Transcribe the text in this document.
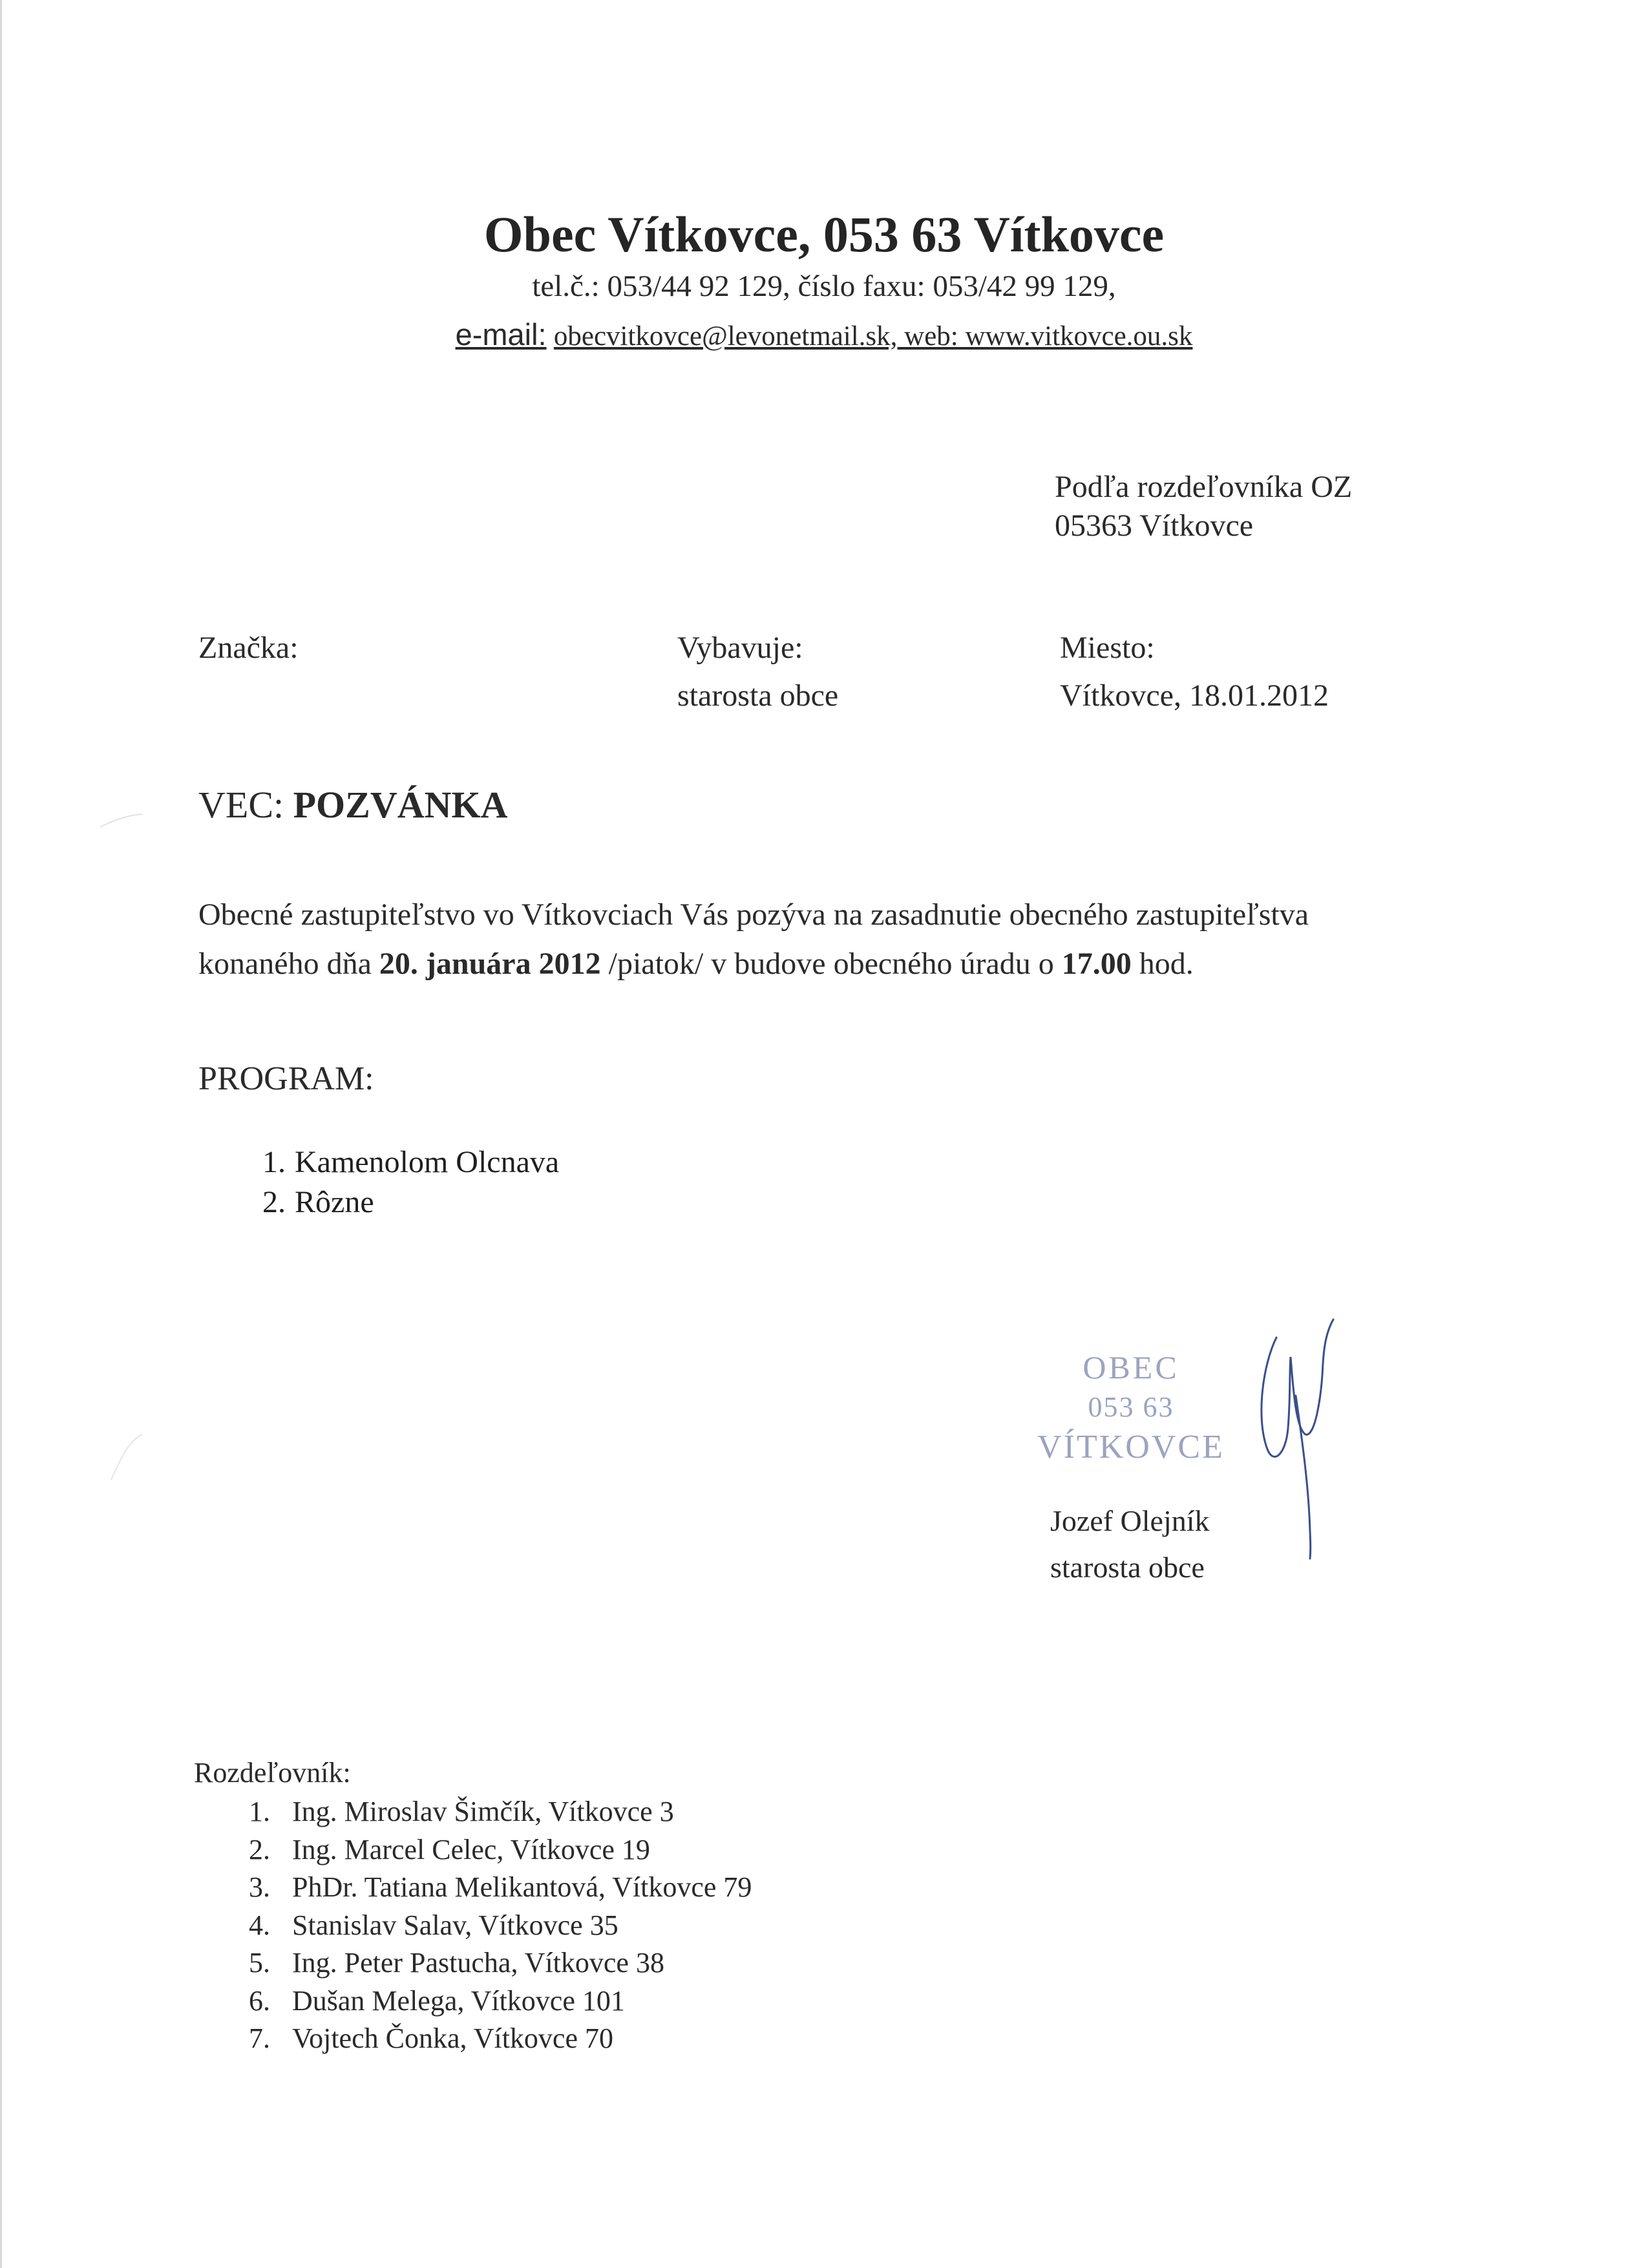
Obec Vítkovce, 053 63 Vítkovce
tel.č.: 053/44 92 129, číslo faxu: 053/42 99 129,
e-mail: obecvitkovce@levonetmail.sk, web: www.vitkovce.ou.sk
Podľa rozdeľovníka OZ
05363 Vítkovce
Značka:	Vybavuje:
starosta obce
Miesto:
Vítkovce, 18.01.2012
VEC: POZVÁNKA
Obecné zastupiteľstvo vo Vítkovciach Vás pozýva na zasadnutie obecného zastupiteľstva
konaného dňa 20. januára 2012 /piatok/ v budove obecného úradu o 17.00 hod.
PROGRAM:
1. Kamenolom Olcnava
2. Rôzne
OBEC
053 63
VÍTKOVCE
Jozef Olejník
starosta obce
Rozdeľovník:
1. Ing. Miroslav Šimčík, Vítkovce 3
2. Ing. Marcel Celec, Vítkovce 19
3. PhDr. Tatiana Melikantová, Vítkovce 79
4. Stanislav Salav, Vítkovce 35
5. Ing. Peter Pastucha, Vítkovce 38
6. Dušan Melega, Vítkovce 101
7. Vojtech Čonka, Vítkovce 70
